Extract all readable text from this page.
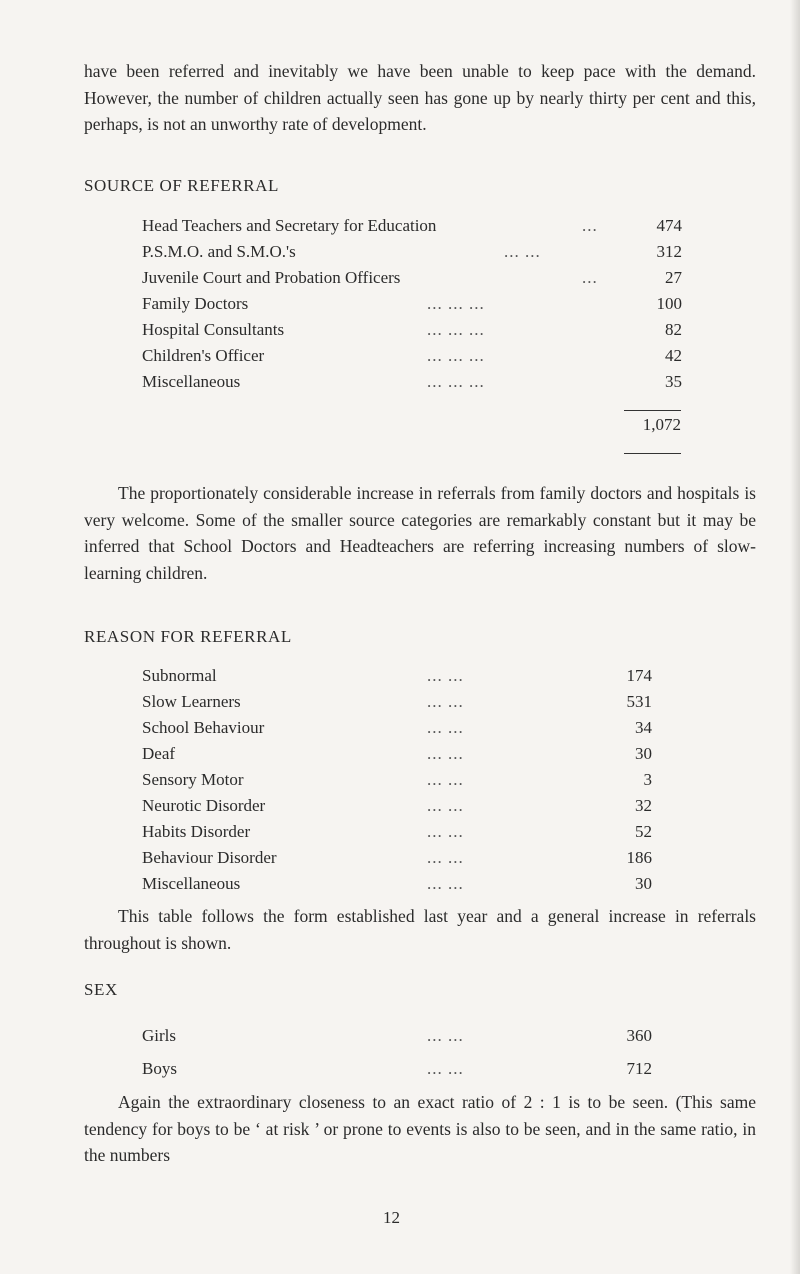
have been referred and inevitably we have been unable to keep pace with the demand. However, the number of children actually seen has gone up by nearly thirty per cent and this, perhaps, is not an unworthy rate of development.

SOURCE OF REFERRAL
Head Teachers and Secretary for Education	...	474
P.S.M.O. and S.M.O.'s	... ...	312
Juvenile Court and Probation Officers	...	27
Family Doctors	... ... ...	100
Hospital Consultants	... ... ...	82
Children's Officer	... ... ...	42
Miscellaneous	... ... ...	35
1,072

The proportionately considerable increase in referrals from family doctors and hospitals is very welcome. Some of the smaller source categories are remarkably constant but it may be inferred that School Doctors and Headteachers are referring increasing numbers of slow-learning children.

REASON FOR REFERRAL
Subnormal	... ...	174
Slow Learners	... ...	531
School Behaviour	... ...	34
Deaf	... ...	30
Sensory Motor	... ...	3
Neurotic Disorder	... ...	32
Habits Disorder	... ...	52
Behaviour Disorder	... ...	186
Miscellaneous	... ...	30

This table follows the form established last year and a general increase in referrals throughout is shown.

SEX
Girls	... ...	360
Boys	... ...	712

Again the extraordinary closeness to an exact ratio of 2 : 1 is to be seen. (This same tendency for boys to be ‘ at risk ’ or prone to events is also to be seen, and in the same ratio, in the numbers

12
